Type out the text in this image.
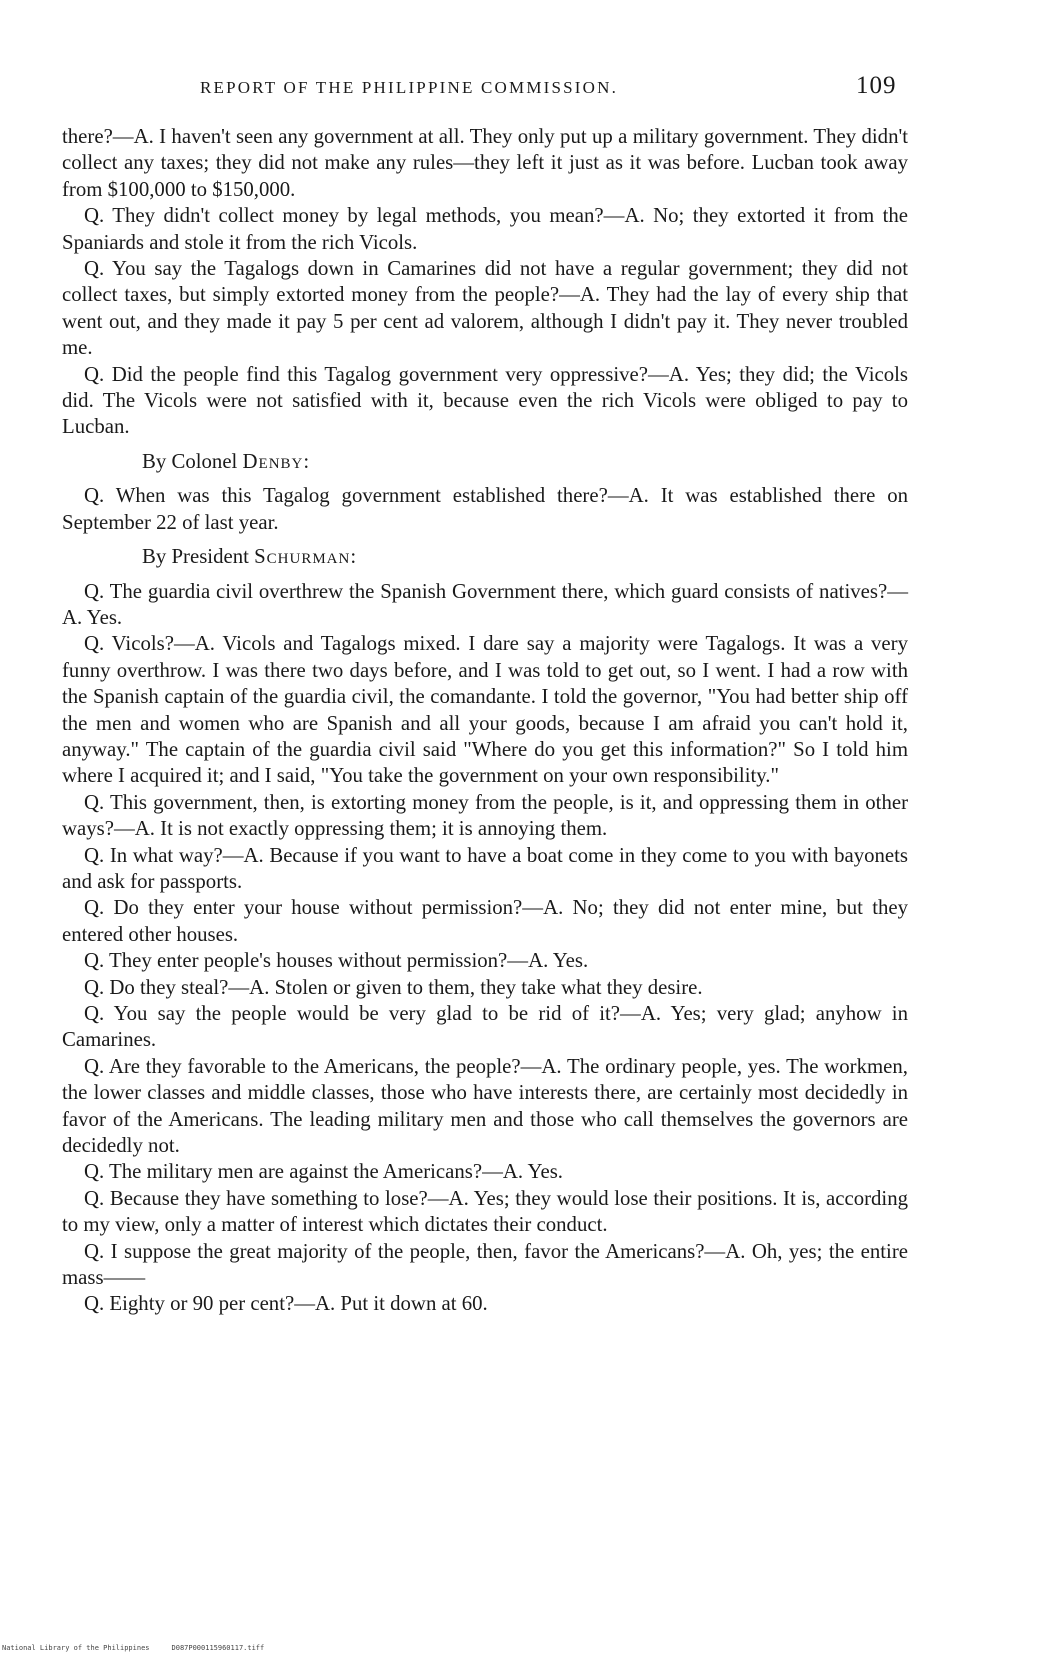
REPORT OF THE PHILIPPINE COMMISSION.	109

there?—A. I haven't seen any government at all. They only put up a military government. They didn't collect any taxes; they did not make any rules—they left it just as it was before. Lucban took away from $100,000 to $150,000.

Q. They didn't collect money by legal methods, you mean?—A. No; they extorted it from the Spaniards and stole it from the rich Vicols.

Q. You say the Tagalogs down in Camarines did not have a regular government; they did not collect taxes, but simply extorted money from the people?—A. They had the lay of every ship that went out, and they made it pay 5 per cent ad valorem, although I didn't pay it. They never troubled me.

Q. Did the people find this Tagalog government very oppressive?—A. Yes; they did; the Vicols did. The Vicols were not satisfied with it, because even the rich Vicols were obliged to pay to Lucban.

By Colonel Denby:

Q. When was this Tagalog government established there?—A. It was established there on September 22 of last year.

By President Schurman:

Q. The guardia civil overthrew the Spanish Government there, which guard consists of natives?—A. Yes.

Q. Vicols?—A. Vicols and Tagalogs mixed. I dare say a majority were Tagalogs. It was a very funny overthrow. I was there two days before, and I was told to get out, so I went. I had a row with the Spanish captain of the guardia civil, the comandante. I told the governor, "You had better ship off the men and women who are Spanish and all your goods, because I am afraid you can't hold it, anyway." The captain of the guardia civil said "Where do you get this information?" So I told him where I acquired it; and I said, "You take the government on your own responsibility."

Q. This government, then, is extorting money from the people, is it, and oppressing them in other ways?—A. It is not exactly oppressing them; it is annoying them.

Q. In what way?—A. Because if you want to have a boat come in they come to you with bayonets and ask for passports.

Q. Do they enter your house without permission?—A. No; they did not enter mine, but they entered other houses.

Q. They enter people's houses without permission?—A. Yes.

Q. Do they steal?—A. Stolen or given to them, they take what they desire.

Q. You say the people would be very glad to be rid of it?—A. Yes; very glad; anyhow in Camarines.

Q. Are they favorable to the Americans, the people?—A. The ordinary people, yes. The workmen, the lower classes and middle classes, those who have interests there, are certainly most decidedly in favor of the Americans. The leading military men and those who call themselves the governors are decidedly not.

Q. The military men are against the Americans?—A. Yes.

Q. Because they have something to lose?—A. Yes; they would lose their positions. It is, according to my view, only a matter of interest which dictates their conduct.

Q. I suppose the great majority of the people, then, favor the Americans?—A. Oh, yes; the entire mass——

Q. Eighty or 90 per cent?—A. Put it down at 60.

National Library of the Philippines	D087P000115960117.tiff
